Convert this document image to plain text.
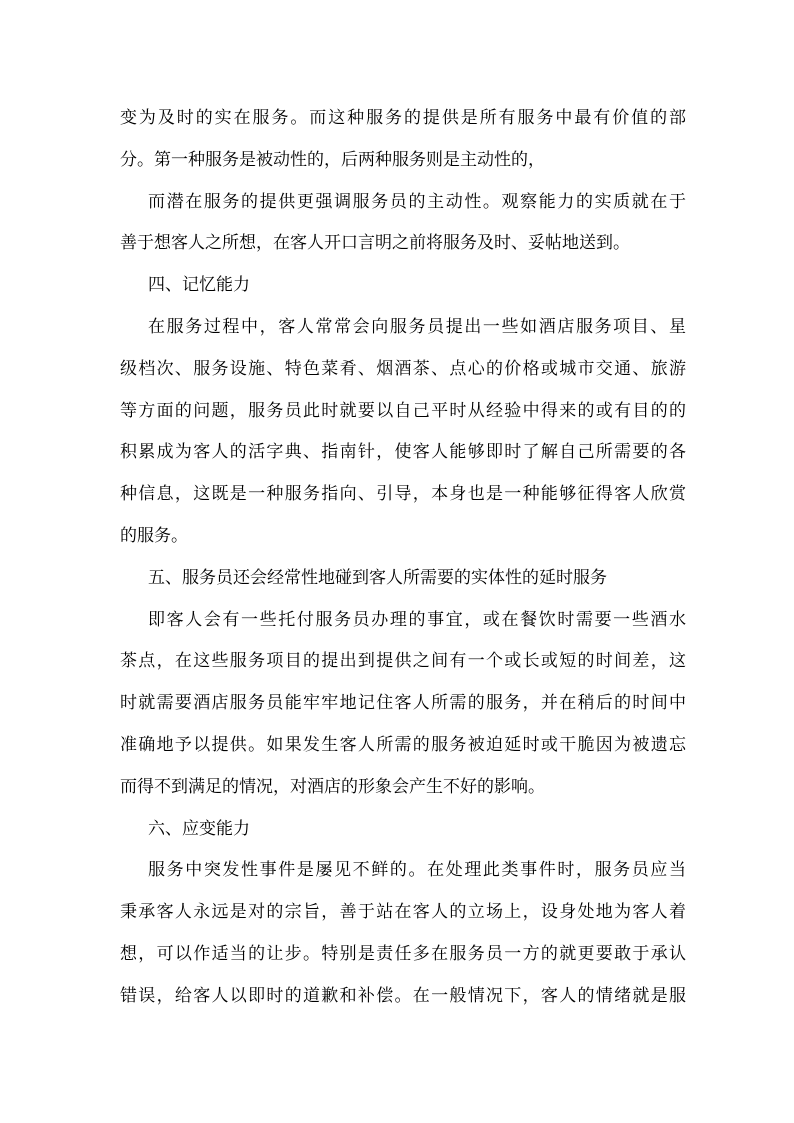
变为及时的实在服务。而这种服务的提供是所有服务中最有价值的部
分。第一种服务是被动性的，后两种服务则是主动性的，
而潜在服务的提供更强调服务员的主动性。观察能力的实质就在于
善于想客人之所想，在客人开口言明之前将服务及时、妥帖地送到。
四、记忆能力
在服务过程中，客人常常会向服务员提出一些如酒店服务项目、星
级档次、服务设施、特色菜肴、烟酒茶、点心的价格或城市交通、旅游
等方面的问题，服务员此时就要以自己平时从经验中得来的或有目的的
积累成为客人的活字典、指南针，使客人能够即时了解自己所需要的各
种信息，这既是一种服务指向、引导，本身也是一种能够征得客人欣赏
的服务。
五、服务员还会经常性地碰到客人所需要的实体性的延时服务
即客人会有一些托付服务员办理的事宜，或在餐饮时需要一些酒水
茶点，在这些服务项目的提出到提供之间有一个或长或短的时间差，这
时就需要酒店服务员能牢牢地记住客人所需的服务，并在稍后的时间中
准确地予以提供。如果发生客人所需的服务被迫延时或干脆因为被遗忘
而得不到满足的情况，对酒店的形象会产生不好的影响。
六、应变能力
服务中突发性事件是屡见不鲜的。在处理此类事件时，服务员应当
秉承客人永远是对的宗旨，善于站在客人的立场上，设身处地为客人着
想，可以作适当的让步。特别是责任多在服务员一方的就更要敢于承认
错误，给客人以即时的道歉和补偿。在一般情况下，客人的情绪就是服
